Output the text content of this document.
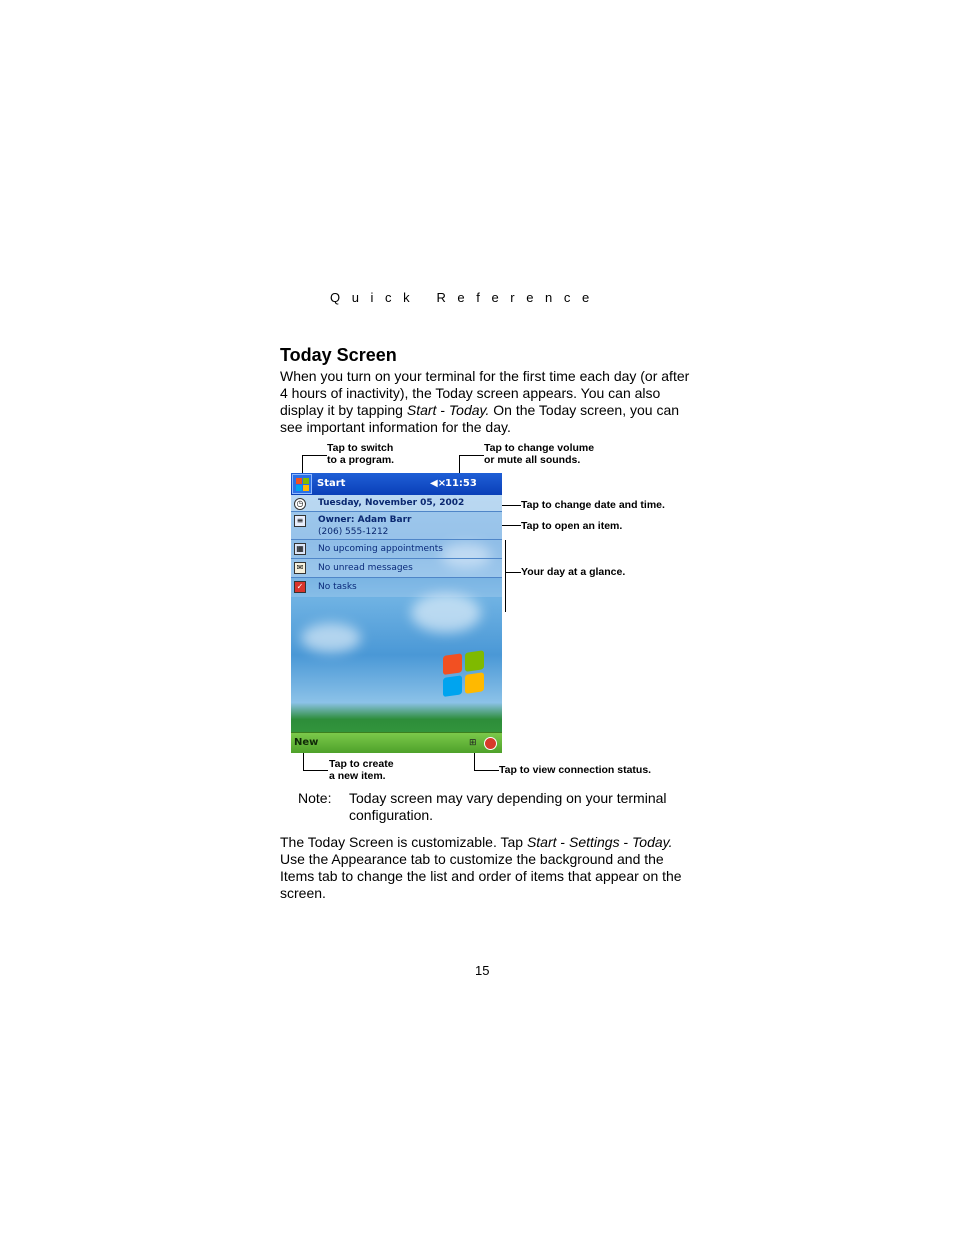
Quick Reference
Today Screen
When you turn on your terminal for the first time each day (or after 4 hours of inactivity), the Today screen appears. You can also display it by tapping Start - Today. On the Today screen, you can see important information for the day.
Tap to switch
to a program.
Tap to change volume
or mute all sounds.
Tap to change date and time.
Tap to open an item.
Your day at a glance.
Start	◀×
11:53
◷ Tuesday, November 05, 2002
≡ Owner: Adam Barr
(206) 555-1212
▦ No upcoming appointments
✉ No unread messages
✓ No tasks
New	⊞
Tap to create
a new item.	Tap to view connection status.
Note: Today screen may vary depending on your terminal configuration.
The Today Screen is customizable. Tap Start - Settings - Today. Use the Appearance tab to customize the background and the Items tab to change the list and order of items that appear on the screen.
15
